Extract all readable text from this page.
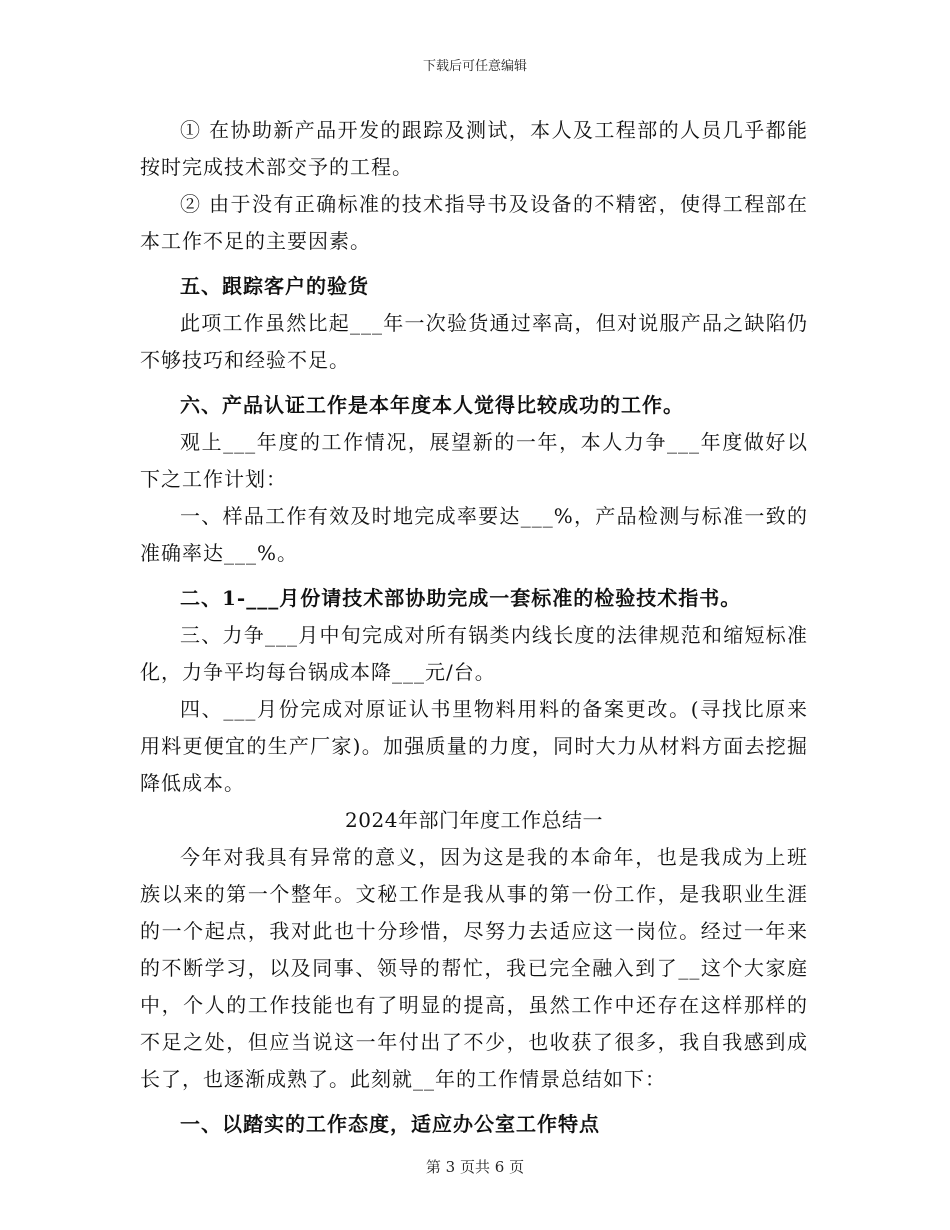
下载后可任意编辑

① 在协助新产品开发的跟踪及测试，本人及工程部的人员几乎都能按时完成技术部交予的工程。

② 由于没有正确标准的技术指导书及设备的不精密，使得工程部在本工作不足的主要因素。

五、跟踪客户的验货

此项工作虽然比起___年一次验货通过率高，但对说服产品之缺陷仍不够技巧和经验不足。

六、产品认证工作是本年度本人觉得比较成功的工作。

观上___年度的工作情况，展望新的一年，本人力争___年度做好以下之工作计划：

一、样品工作有效及时地完成率要达___%，产品检测与标准一致的准确率达___%。

二、1-___月份请技术部协助完成一套标准的检验技术指书。

三、力争___月中旬完成对所有锅类内线长度的法律规范和缩短标准化，力争平均每台锅成本降___元/台。

四、___月份完成对原证认书里物料用料的备案更改。(寻找比原来用料更便宜的生产厂家)。加强质量的力度，同时大力从材料方面去挖掘降低成本。

2024年部门年度工作总结一

今年对我具有异常的意义，因为这是我的本命年，也是我成为上班族以来的第一个整年。文秘工作是我从事的第一份工作，是我职业生涯的一个起点，我对此也十分珍惜，尽努力去适应这一岗位。经过一年来的不断学习，以及同事、领导的帮忙，我已完全融入到了__这个大家庭中，个人的工作技能也有了明显的提高，虽然工作中还存在这样那样的不足之处，但应当说这一年付出了不少，也收获了很多，我自我感到成长了，也逐渐成熟了。此刻就__年的工作情景总结如下：

一、以踏实的工作态度，适应办公室工作特点

第 3 页共 6 页
